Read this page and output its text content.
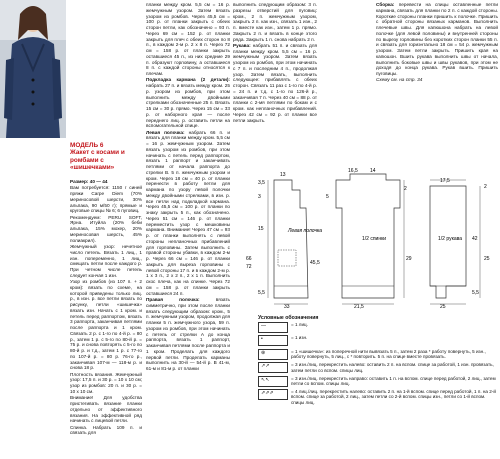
МОДЕЛЬ 6
Жакет с косами и ромбами с «шишечками»

Размер: 40 — 44

Вам потребуется: 1150 г синей пряжи Сarpe Diem (70% мериносовой шерсти, 30% альпака, 90 м/50 г); прямые и круговые спицы № 6; 6 пуговиц.

Рекомендуем: PERU SOFT, Ярна. Итуйла (20% беби альпака, 15% мохер, 20% мериносовая шерсть, 45% полиакрил).

Жемчужный узор: нечетное число петель. Вязать 1 лиц., 1 изн. попеременно, 1 лиц., смещать петли после каждого р. При четном числе петель следует кончая 1 изн.

Узор из ромбов (из 107 п. + 2 кром): вязать по схеме, на которой приведены только лиц. р., в изн. р. все петли вязать по рисунку, петли «шишечка» вязать изн. Начать с 1 кром. и петель перед раппортом, вязать 3 раппорта, заканчивая петлями после раппорта и 1 кром. Связать 2 р. с 1-го по 4-й р. = 80 р., затем 1 р. с 5-го по 80-й р. = 75 р. и снова повторять с 5-го по 80-й р. и т.д., затем 1 р. с 77-го по 107-й р. = 80 р. 76-го р., заканчивая 107-м — 118-м р. и снова 18 р.

Плотность вязания. Жемчужный узор: 17,5 п. и 30 р. = 10 х 10 см; узор из ромбов: 20 п. и 30 р. = 10 х 10 см.

Внимание! Для удобства пристегивать вязание планки отдельно от эффективного вязания. На эффективной ряд начинать с лицевой петли.

Спинка. Набрать 109 п. и связать для

планки между кром. 5,5 см = 16 р. жемчужным узором. Затем вязать узором из ромбов. Через 45,5 см = 100 р. от планки закрыть с обеих сторон петли, как обозначено = 93 п. Через 69 см = 152 р. от планки закрыть для плеч с обеих сторон по 8 п., в каждом 2-м р. 2 х 8 п. Через 72 см = 158 р. от планки закрыть оставшиеся 45 п., из них средние 29 п. образуют горловину, а оставшиеся 8 п. с каждой стороны относятся к плечам.

Подкладка кармана (2 детали): набрать 27 п. и вязать между кром. 25 р. узором из ромбов, при этом выполнить между двойными стрелками обозначенные 25 п. Вязать 15 см = 30 р. прямо. Через 15 см = 33 р. от наборного края — после переднего лиц. р. оставить петли на вспомогательной спице.

Левая полочка: набрать 66 п. и вязать для планки между кром. 5,5 см = 16 р. жемчужным узором. Затем вязать узором из ромбов, при этом начинать с петель перед раппортом, вязать 1 раппорт и заканчивать петлями от начала раппорта до стрелки В. 5 п. жемчужным узором и кром. Через 18 см = 40 р. от планки перенести в работу петли для кармана по узору левой полочки между двойными стрелками, в изн. р. все петли над подкладкой кармана. Через 45,5 см = 100 р. от планки по знаку закрыть 5 п., как обозначено. Через 51 см = 146 р. от планки переместить узор с мешковины кармана. Внимание! Через 47 см = 93 р. от планки выполнять с левой стороны непланочных прибавлений для горловины. Затем выполнить с правой стороны убавки, в каждом 2-м р. Через 66 см = 146 р. от планки закрыть для выреза горловины с левой стороны 17 п. и в каждом 2-м р. 1 х 3 п., 2 х 2 п., 2 х 1 п. Выполнить скос плеча, как на спинке. Через 72 см = 158 р. от планки закрыть оставшиеся 24 п.

Правая полочка:	вязать симметрично, при этом после планки вязать следующим образом: кром., 5 п. жемчужным узором, продолжая для планки 5 п. жемчужного узора, 59 п. узором из ромбов, при этом начинать с петель от стрелки А до конца раппорта, вязать 1 раппорт, заканчивая петлями после раппорта и 1 кром. Проделать для каждого первой петли. Проделать карманы выполнить на 30-й — 54-й р. В 41-м, 61-м и 81-м р. от планки

выполнить следующим образом: 3 п. разрезы отверстий для пуговиц: кром., 2 п. жемчужным узором, закрыть 2 п. как изн., связать 1 изн., 2 п. вместе как изн., затем 1 р. прямо. Закрыть 2 п. и вязать в конце этого ряда. Закрыть 1 п. снова набрать 2 п.

Рукава: набрать 51 п. и связать для планки между кром. 5,5 см = 16 р. жемчужным узором. Затем вязать узором из ромбов, при этом начинать с 7 п. и последним 4 п., продолжая узор. Затем вязать, выполнить следующее: прибавлять с обеих сторон. Связать 11 раз с 1-го по 4-й р. = 24 п. и т.д. с 1-го по 126-й р., заканчивая 7 п. Через 40 см = 88 р. от планки с 2-мя петлями по бокам и с кром. как непланочных прибавлений. Через 42 см = 92 р. от планки все петли закрыть.

Сборка: перевести на спицы оставленные петли кармана, связать для планки по 2 п. с каждой стороны. Короткие стороны планки пришить к полочке. Пришить с обратной стороны вязаных карманов. Выполнить плечевые швы. Для капюшона набрать на левой полочке (для левой половины) и внутренней стороны по вырезу горловины без коротких сторон планки 55 п. и связать для гориэнтально 18 см = 54 р. жемчужным узором. Затем петли закрыть. Пришить края на капюшон. Вшить рукава выполнить швы от начала, выполнить боковые швы и швы рукавов, при этом не доходя до конца рукава. Рукав вшить. Пришить пуговицы.

Схему см. на стр. 34

Левая полочка
1/2 спинки	1/2 рукава
3,5
13
3
15
45,5
66
72
5,5
33
16,5 14
5
21,5
2
17,5
42
25
29	25
2
5,5
Условные обозначения
—	= 1 лиц.
•	= 1 изн.
⊛	= 1 «шишечка»: из поперечной нити вывязать 5 п., затем 2 раза * работу повернуть, 5 изн., работу повернуть, 5 лиц., с * повторить. 5 п. на спице вместе провязать.
↗↗	= 3 изн./лиц. перекрестить налево: оставить 2 п. на вспом. спице за работой, 1 изн. провязать, затем петли со вспом. спицы лиц.
↖↖	= 3 изн./лиц. перекрестить направо: оставить 1 п. на вспом. спице перед работой, 2 лиц., затем петли со вспом. спицы лиц.
⇗⇗⇗	= 4 лиц./лиц. перекрестить налево: оставить 2 п. на 1-й вспом. спице перед работой, 1 п. на 2-й вспом. спице за работой, 2 лиц., затем петли со 2-й вспом. спицы изн., петли со 1-й вспом. спицы лиц.
